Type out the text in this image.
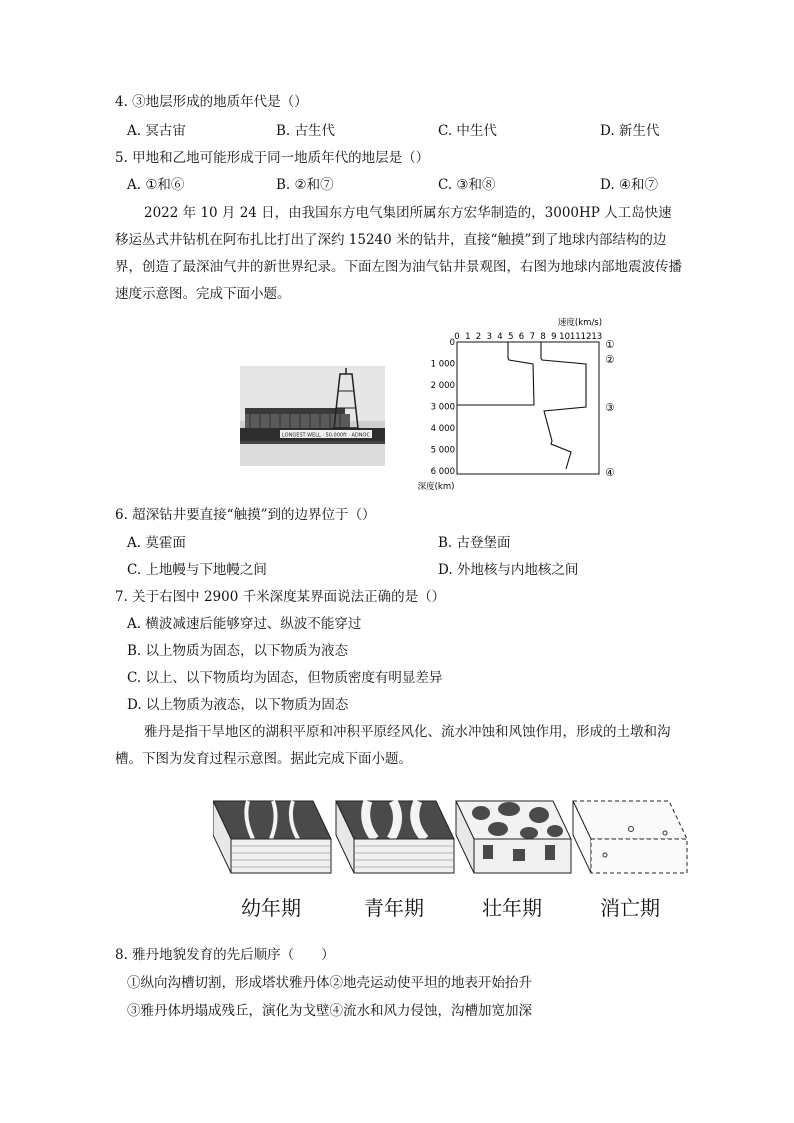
4. ③地层形成的地质年代是（）
A. 冥古宙	B. 古生代	C. 中生代	D. 新生代
5. 甲地和乙地可能形成于同一地质年代的地层是（）
A. ①和⑥	B. ②和⑦	C. ③和⑧	D. ④和⑦
2022 年 10 月 24 日，由我国东方电气集团所属东方宏华制造的，3000HP 人工岛快速移运丛式井钻机在阿布扎比打出了深约 15240 米的钻井，直接“触摸”到了地球内部结构的边界，创造了最深油气井的新世界纪录。下面左图为油气钻井景观图，右图为地球内部地震波传播速度示意图。完成下面小题。
LONGEST WELL · 50,000ft · ADNOC
速度(km/s)
0 1 2 3 4 5 6 7 8 9 10 11 12 13
0
1 000
2 000
3 000
4 000
5 000
6 000
深度(km)
①
②
③
④
6. 超深钻井要直接“触摸”到的边界位于（）
A. 莫霍面	B. 古登堡面
C. 上地幔与下地幔之间	D. 外地核与内地核之间
7. 关于右图中 2900 千米深度某界面说法正确的是（）
A. 横波减速后能够穿过、纵波不能穿过
B. 以上物质为固态，以下物质为液态
C. 以上、以下物质均为固态，但物质密度有明显差异
D. 以上物质为液态，以下物质为固态
雅丹是指干旱地区的湖积平原和冲积平原经风化、流水冲蚀和风蚀作用，形成的土墩和沟槽。下图为发育过程示意图。据此完成下面小题。
幼年期	青年期	壮年期	消亡期
8. 雅丹地貌发育的先后顺序（　　）
①纵向沟槽切割，形成塔状雅丹体②地壳运动使平坦的地表开始抬升
③雅丹体坍塌成残丘，演化为戈壁④流水和风力侵蚀，沟槽加宽加深
